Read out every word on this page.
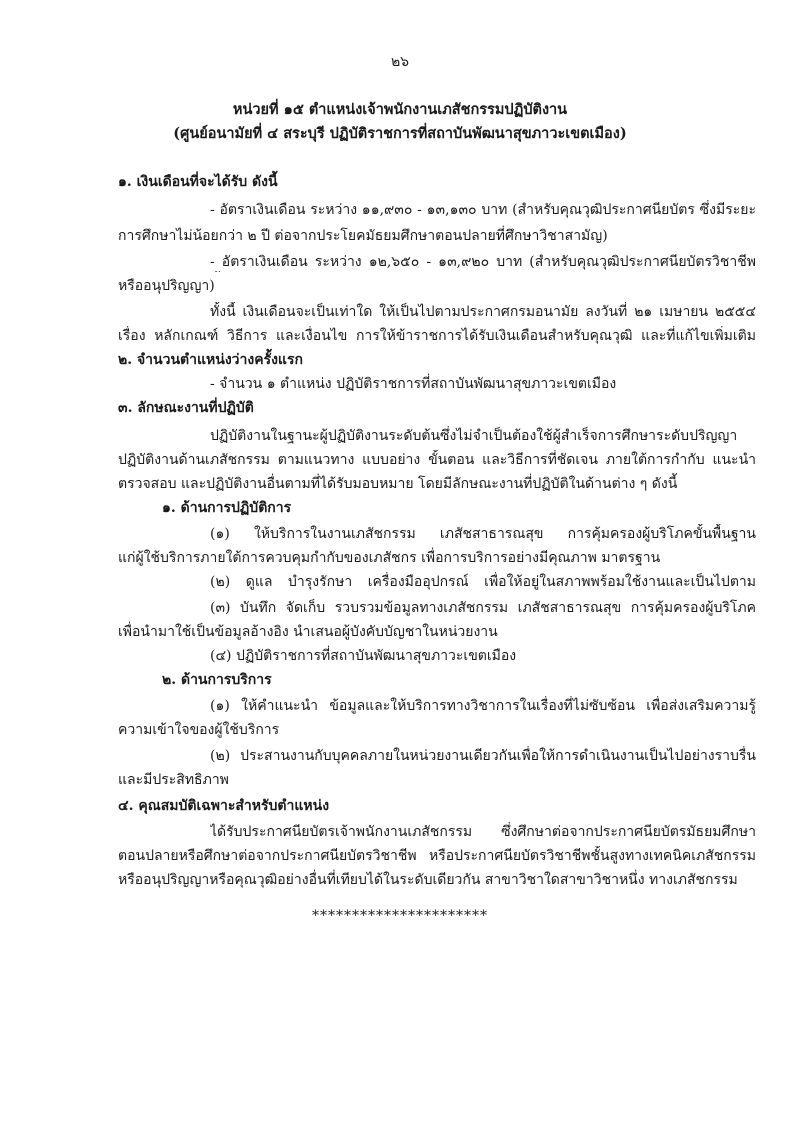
๒๖
หน่วยที่ ๑๕ ตำแหน่งเจ้าพนักงานเภสัชกรรมปฏิบัติงาน
(ศูนย์อนามัยที่ ๔ สระบุรี ปฏิบัติราชการที่สถาบันพัฒนาสุขภาวะเขตเมือง)
๑. เงินเดือนที่จะได้รับ ดังนี้
- อัตราเงินเดือน ระหว่าง ๑๑,๙๓๐ - ๑๓,๑๓๐ บาท (สำหรับคุณวุฒิประกาศนียบัตร ซึ่งมีระยะ
การศึกษาไม่น้อยกว่า ๒ ปี ต่อจากประโยคมัธยมศึกษาตอนปลายที่ศึกษาวิชาสามัญ)
- อัตราเงินเดือน ระหว่าง ๑๒,๖๕๐ - ๑๓,๙๒๐ บาท (สำหรับคุณวุฒิประกาศนียบัตรวิชาชีพ
หรืออนุปริญญา)
ทั้งนี้ เงินเดือนจะเป็นเท่าใด ให้เป็นไปตามประกาศกรมอนามัย ลงวันที่ ๒๑ เมษายน ๒๕๕๔
เรื่อง หลักเกณฑ์ วิธีการ และเงื่อนไข การให้ข้าราชการได้รับเงินเดือนสำหรับคุณวุฒิ และที่แก้ไขเพิ่มเติม
๒. จำนวนตำแหน่งว่างครั้งแรก
- จำนวน ๑ ตำแหน่ง ปฏิบัติราชการที่สถาบันพัฒนาสุขภาวะเขตเมือง
๓. ลักษณะงานที่ปฏิบัติ
ปฏิบัติงานในฐานะผู้ปฏิบัติงานระดับต้นซึ่งไม่จำเป็นต้องใช้ผู้สำเร็จการศึกษาระดับปริญญา
ปฏิบัติงานด้านเภสัชกรรม ตามแนวทาง แบบอย่าง ขั้นตอน และวิธีการที่ชัดเจน ภายใต้การกำกับ แนะนำ
ตรวจสอบ และปฏิบัติงานอื่นตามที่ได้รับมอบหมาย โดยมีลักษณะงานที่ปฏิบัติในด้านต่าง ๆ ดังนี้
๑. ด้านการปฏิบัติการ
(๑) ให้บริการในงานเภสัชกรรม เภสัชสาธารณสุข การคุ้มครองผู้บริโภคขั้นพื้นฐาน
แก่ผู้ใช้บริการภายใต้การควบคุมกำกับของเภสัชกร เพื่อการบริการอย่างมีคุณภาพ มาตรฐาน
(๒) ดูแล บำรุงรักษา เครื่องมืออุปกรณ์ เพื่อให้อยู่ในสภาพพร้อมใช้งานและเป็นไปตาม
(๓) บันทึก จัดเก็บ รวบรวมข้อมูลทางเภสัชกรรม เภสัชสาธารณสุข การคุ้มครองผู้บริโภค
เพื่อนำมาใช้เป็นข้อมูลอ้างอิง นำเสนอผู้บังคับบัญชาในหน่วยงาน
(๔) ปฏิบัติราชการที่สถาบันพัฒนาสุขภาวะเขตเมือง
๒. ด้านการบริการ
(๑) ให้คำแนะนำ ข้อมูลและให้บริการทางวิชาการในเรื่องที่ไม่ซับซ้อน เพื่อส่งเสริมความรู้
ความเข้าใจของผู้ใช้บริการ
(๒) ประสานงานกับบุคคลภายในหน่วยงานเดียวกันเพื่อให้การดำเนินงานเป็นไปอย่างราบรื่น
และมีประสิทธิภาพ
๔. คุณสมบัติเฉพาะสำหรับตำแหน่ง
ได้รับประกาศนียบัตรเจ้าพนักงานเภสัชกรรม ซึ่งศึกษาต่อจากประกาศนียบัตรมัธยมศึกษา
ตอนปลายหรือศึกษาต่อจากประกาศนียบัตรวิชาชีพ หรือประกาศนียบัตรวิชาชีพชั้นสูงทางเทคนิคเภสัชกรรม
หรืออนุปริญญาหรือคุณวุฒิอย่างอื่นที่เทียบได้ในระดับเดียวกัน สาขาวิชาใดสาขาวิชาหนึ่ง ทางเภสัชกรรม
**********************
